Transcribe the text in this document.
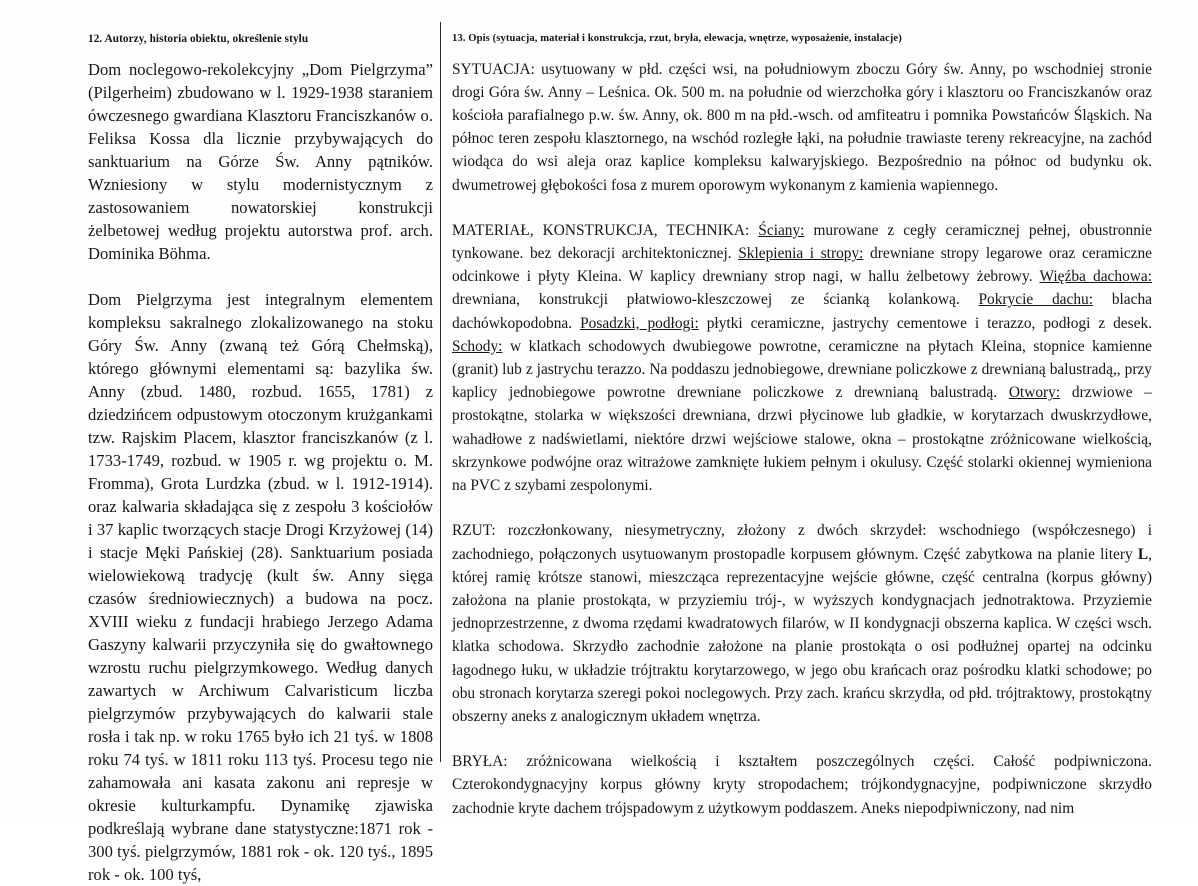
12. Autorzy, historia obiektu, określenie stylu

Dom noclegowo-rekolekcyjny „Dom Pielgrzyma” (Pilgerheim) zbudowano w l. 1929-1938 staraniem ówczesnego gwardiana Klasztoru Franciszkanów o. Feliksa Kossa dla licznie przybywających do sanktuarium na Górze Św. Anny pątników. Wzniesiony w stylu modernistycznym z zastosowaniem nowatorskiej konstrukcji żelbetowej według projektu autorstwa prof. arch. Dominika Böhma.

Dom Pielgrzyma jest integralnym elementem kompleksu sakralnego zlokalizowanego na stoku Góry Św. Anny (zwaną też Górą Chełmską), którego głównymi elementami są: bazylika św. Anny (zbud. 1480, rozbud. 1655, 1781) z dziedzińcem odpustowym otoczonym krużgankami tzw. Rajskim Placem, klasztor franciszkanów (z l. 1733-1749, rozbud. w 1905 r. wg projektu o. M. Fromma), Grota Lurdzka (zbud. w l. 1912-1914). oraz kalwaria składająca się z zespołu 3 kościołów i 37 kaplic tworzących stacje Drogi Krzyżowej (14) i stacje Męki Pańskiej (28). Sanktuarium posiada wielowiekową tradycję (kult św. Anny sięga czasów średniowiecznych) a budowa na pocz. XVIII wieku z fundacji hrabiego Jerzego Adama Gaszyny kalwarii przyczyniła się do gwałtownego wzrostu ruchu pielgrzymkowego. Według danych zawartych w Archiwum Calvaristicum liczba pielgrzymów przybywających do kalwarii stale rosła i tak np. w roku 1765 było ich 21 tyś. w 1808 roku 74 tyś. w 1811 roku 113 tyś. Procesu tego nie zahamowała ani kasata zakonu ani represje w okresie kulturkampfu. Dynamikę zjawiska podkreślają wybrane dane statystyczne:1871 rok - 300 tyś. pielgrzymów, 1881 rok - ok. 120 tyś., 1895 rok - ok. 100 tyś,

13. Opis (sytuacja, materiał i konstrukcja, rzut, bryła, elewacja, wnętrze, wyposażenie, instalacje)

SYTUACJA: usytuowany w płd. części wsi, na południowym zboczu Góry św. Anny, po wschodniej stronie drogi Góra św. Anny – Leśnica. Ok. 500 m. na południe od wierzchołka góry i klasztoru oo Franciszkanów oraz kościoła parafialnego p.w. św. Anny, ok. 800 m na płd.-wsch. od amfiteatru i pomnika Powstańców Śląskich. Na północ teren zespołu klasztornego, na wschód rozległe łąki, na południe trawiaste tereny rekreacyjne, na zachód wiodąca do wsi aleja oraz kaplice kompleksu kalwaryjskiego. Bezpośrednio na północ od budynku ok. dwumetrowej głębokości fosa z murem oporowym wykonanym z kamienia wapiennego.

MATERIAŁ, KONSTRUKCJA, TECHNIKA: Ściany: murowane z cegły ceramicznej pełnej, obustronnie tynkowane. bez dekoracji architektonicznej. Sklepienia i stropy: drewniane stropy legarowe oraz ceramiczne odcinkowe i płyty Kleina. W kaplicy drewniany strop nagi, w hallu żelbetowy żebrowy. Więźba dachowa: drewniana, konstrukcji płatwiowo-kleszczowej ze ścianką kolankową. Pokrycie dachu: blacha dachówkopodobna. Posadzki, podłogi: płytki ceramiczne, jastrychy cementowe i terazzo, podłogi z desek. Schody: w klatkach schodowych dwubiegowe powrotne, ceramiczne na płytach Kleina, stopnice kamienne (granit) lub z jastrychu terazzo. Na poddaszu jednobiegowe, drewniane policzkowe z drewnianą balustradą,, przy kaplicy jednobiegowe powrotne drewniane policzkowe z drewnianą balustradą. Otwory: drzwiowe – prostokątne, stolarka w większości drewniana, drzwi płycinowe lub gładkie, w korytarzach dwuskrzydłowe, wahadłowe z nadświetlami, niektóre drzwi wejściowe stalowe, okna – prostokątne zróżnicowane wielkością, skrzynkowe podwójne oraz witrażowe zamknięte łukiem pełnym i okulusy. Część stolarki okiennej wymieniona na PVC z szybami zespolonymi.

RZUT: rozczłonkowany, niesymetryczny, złożony z dwóch skrzydeł: wschodniego (współczesnego) i zachodniego, połączonych usytuowanym prostopadle korpusem głównym. Część zabytkowa na planie litery L, której ramię krótsze stanowi, mieszcząca reprezentacyjne wejście główne, część centralna (korpus główny) założona na planie prostokąta, w przyziemiu trój-, w wyższych kondygnacjach jednotraktowa. Przyziemie jednoprzestrzenne, z dwoma rzędami kwadratowych filarów, w II kondygnacji obszerna kaplica. W części wsch. klatka schodowa. Skrzydło zachodnie założone na planie prostokąta o osi podłużnej opartej na odcinku łagodnego łuku, w układzie trójtraktu korytarzowego, w jego obu krańcach oraz pośrodku klatki schodowe; po obu stronach korytarza szeregi pokoi noclegowych. Przy zach. krańcu skrzydła, od płd. trójtraktowy, prostokątny obszerny aneks z analogicznym układem wnętrza.

BRYŁA: zróżnicowana wielkością i kształtem poszczególnych części. Całość podpiwniczona. Czterokondygnacyjny korpus główny kryty stropodachem; trójkondygnacyjne, podpiwniczone skrzydło zachodnie kryte dachem trójspadowym z użytkowym poddaszem. Aneks niepodpiwniczony, nad nim
